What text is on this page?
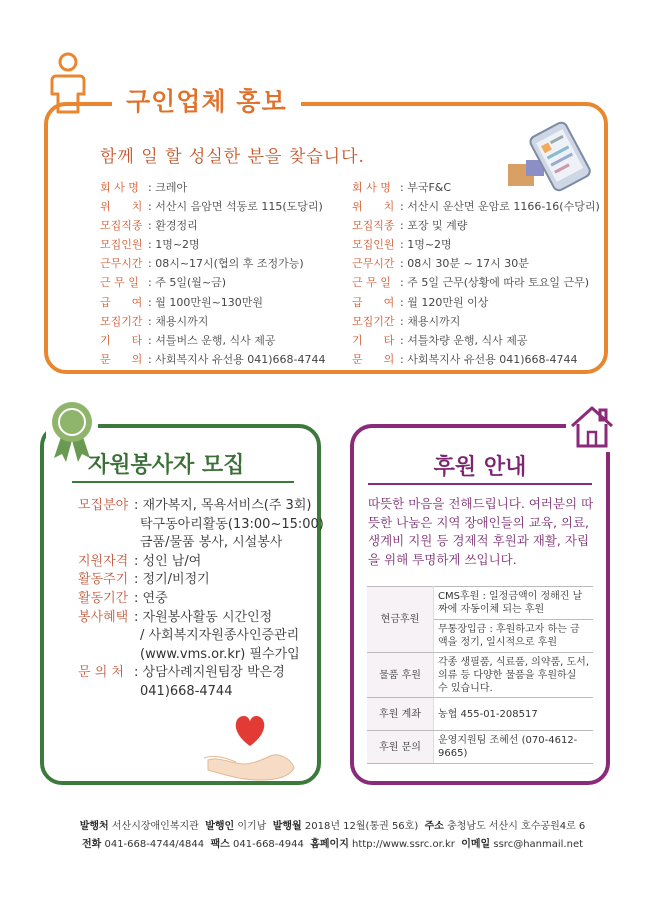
구인업체 홍보
함께 일 할 성실한 분을 찾습니다.
회 사 명 : 크레아
위      치 : 서산시 음암면 석동로 115(도당리)
모집직종 : 환경정리
모집인원 : 1명~2명
근무시간 : 08시~17시(협의 후 조정가능)
근 무 일 : 주 5일(월~금)
급      여 : 월 100만원~130만원
모집기간 : 채용시까지
기      타 : 셔틀버스 운행, 식사 제공
문      의 : 사회복지사 유선용 041)668-4744
회 사 명 : 부국F&C
위      치 : 서산시 운산면 운암로 1166-16(수당리)
모집직종 : 포장 및 계량
모집인원 : 1명~2명
근무시간 : 08시 30분 ~ 17시 30분
근 무 일 : 주 5일 근무(상황에 따라 토요일 근무)
급      여 : 월 120만원 이상
모집기간 : 채용시까지
기      타 : 셔틀차량 운행, 식사 제공
문      의 : 사회복지사 유선용 041)668-4744
자원봉사자 모집
모집분야 : 재가복지, 목욕서비스(주 3회)
탁구동아리활동(13:00~15:00)
금품/물품 봉사, 시설봉사
지원자격 : 성인 남/여
활동주기 : 정기/비정기
활동기간 : 연중
봉사혜택 : 자원봉사활동 시간인정
/ 사회복지자원종사인증관리
(www.vms.or.kr) 필수가입
문 의 처 : 상담사례지원팀장 박은경
041)668-4744
후원 안내
따뜻한 마음을 전해드립니다. 여러분의 따뜻한 나눔은 지역 장애인들의 교육, 의료, 생계비 지원 등 경제적 후원과 재활, 자립을 위해 투명하게 쓰입니다.
현금후원	CMS후원 : 일정금액이 정해진 날짜에 자동이체 되는 후원
	무통장입금 : 후원하고자 하는 금액을 정기, 일시적으로 후원
물품 후원	각종 생필품, 식료품, 의약품, 도서, 의류 등 다양한 물품을 후원하실 수 있습니다.
후원 계좌	농협 455-01-208517
후원 문의	운영지원팀 조혜선 (070-4612-9665)
발행처 서산시장애인복지관 발행인 이기남 발행월 2018년 12월(통권 56호) 주소 충청남도 서산시 호수공원4로 6
전화 041-668-4744/4844 팩스 041-668-4944 홈페이지 http://www.ssrc.or.kr 이메일 ssrc@hanmail.net
